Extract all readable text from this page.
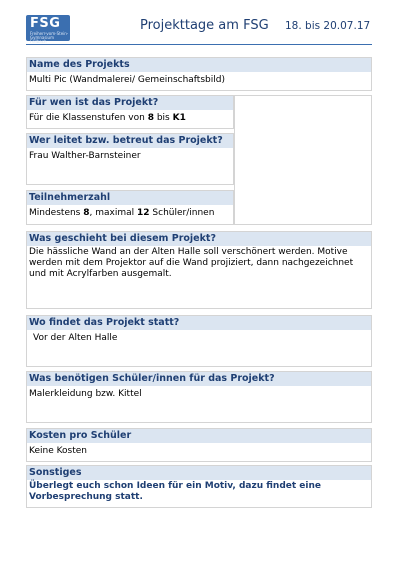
FSG
Freiherr-vom-Stein-Gymnasium Fellbach
Projekttage am FSG 18. bis 20.07.17
Name des Projekts
Multi Pic (Wandmalerei/ Gemeinschaftsbild)
Für wen ist das Projekt?
Für die Klassenstufen von 8 bis K1
Wer leitet bzw. betreut das Projekt?
Frau Walther-Barnsteiner
Teilnehmerzahl
Mindestens 8, maximal 12 Schüler/innen
Was geschieht bei diesem Projekt?
Die hässliche Wand an der Alten Halle soll verschönert werden. Motive werden mit dem Projektor auf die Wand projiziert, dann nachgezeichnet und mit Acrylfarben ausgemalt.
Wo findet das Projekt statt?
Vor der Alten Halle
Was benötigen Schüler/innen für das Projekt?
Malerkleidung bzw. Kittel
Kosten pro Schüler
Keine Kosten
Sonstiges
Überlegt euch schon Ideen für ein Motiv, dazu findet eine Vorbesprechung statt.
